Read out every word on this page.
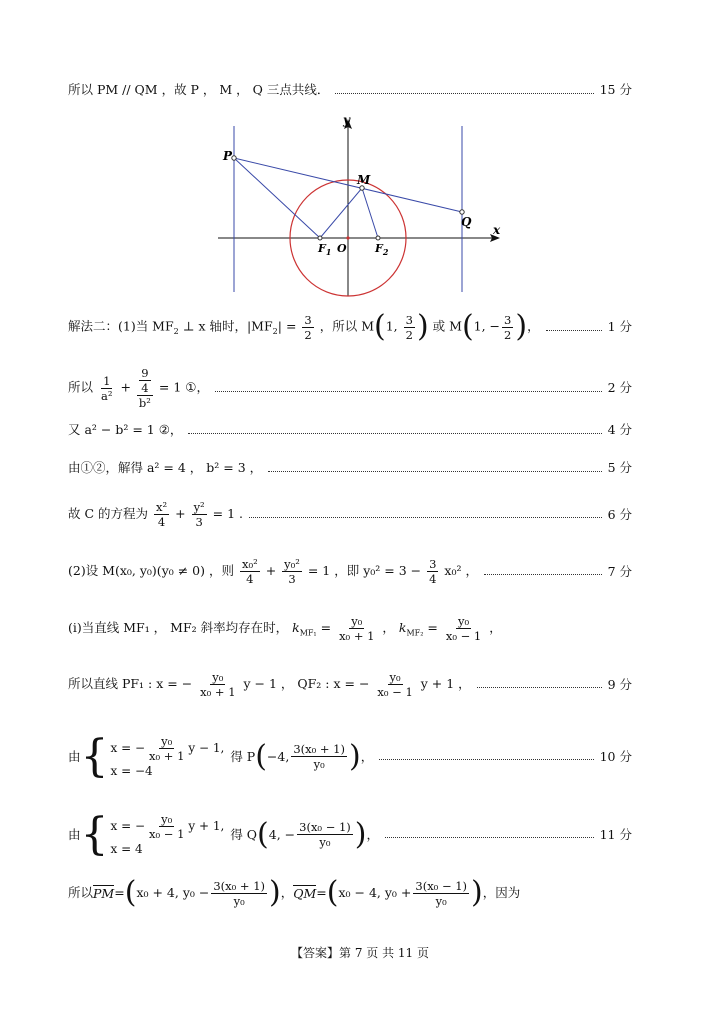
所以 PM // QM ，故 P ， M ， Q 三点共线．	15 分
y
x
P
M
Q
$F_1$ O	$F_2$
解法二：(1)当 $MF_2$ ⊥ x 轴时，$|MF_2| = \frac{3}{2}$ ，所以 M(1, $\frac{3}{2}$ ) 或 M(1, − $\frac{3}{2}$ )，	1 分
所以 $\frac{1}{\text{a²}} + 9$
4
b² = 1 ①，	2 分
又 a² − b² = 1 ②，	4 分
由①②，解得 a² = 4 ， b² = 3 ，	5 分
故 C 的方程为 $\frac{\text{x²}}{4} + \frac{\text{y²}}{3} = 1$ .	6 分
(2)设 M(x₀, y₀)(y₀ ≠ 0) ，则 $\frac{\text{x₀²}}{4} + \frac{\text{y₀²}}{3} = 1$ ，即 $y_0^2 = 3 - \frac{3}{4} x_0^2$ ，	7 分
(i)当直线 MF₁ ， MF₂ 斜率均存在时， $k_{MF_1} = \frac{\text{y₀}}{\text{x₀ + 1}}$ ， $k_{MF_2} = \frac{\text{y₀}}{\text{x₀ − 1}}$ ，
所以直线 PF₁ : x = − $\frac{\text{y₀}}{\text{x₀ + 1}}$ y − 1 ， QF₂ : x = − $\frac{\text{y₀}}{\text{x₀ − 1}}$ y + 1 ，	9 分
由 { x = − $\frac{\text{y₀}}{\text{x₀ + 1}}$ y − 1,
x = −4
得 P ( −4, $\frac{\text{3(x₀ + 1)}}{\text{y₀}}$ ) ，	10 分
由 { x = − $\frac{\text{y₀}}{\text{x₀ − 1}}$ y + 1,
x = 4
得 Q ( 4, − $\frac{\text{3(x₀ − 1)}}{\text{y₀}}$ ) ，	11 分
所以 PM = ( x₀ + 4, $y_0 - \frac{\text{3(x₀ + 1)}}{\text{y₀}}$ ) ， QM = ( x₀ − 4, $y_0 + \frac{\text{3(x₀ − 1)}}{\text{y₀}}$ ) ，因为
【答案】第 7 页 共 11 页
